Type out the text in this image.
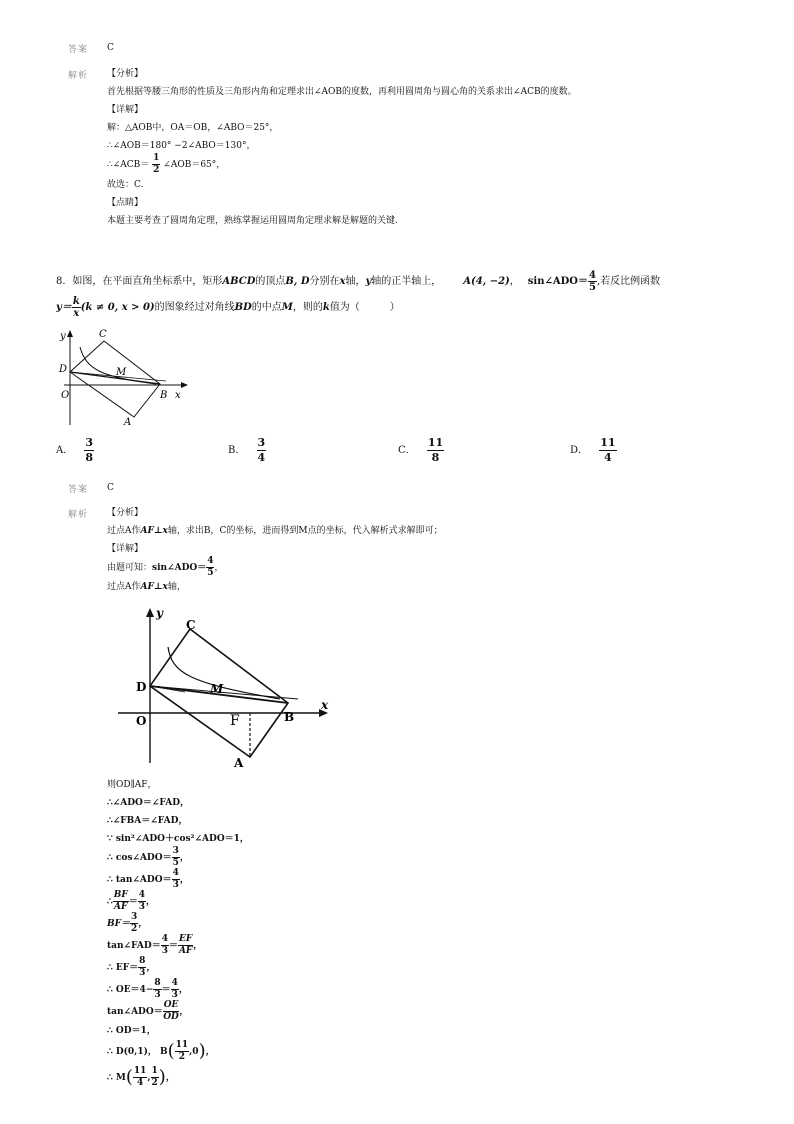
答案 C
解析 【分析】
首先根据等腰三角形的性质及三角形内角和定理求出∠AOB的度数，再利用圆周角与圆心角的关系求出∠ACB的度数。
【详解】
解：△AOB中，OA＝OB，∠ABO＝25°，
∴∠AOB＝180° −2∠ABO＝130°，
∴∠ACB＝ $\frac{1}{2}$ ∠AOB＝65°，
故选：C.
【点睛】
本题主要考查了圆周角定理，熟练掌握运用圆周角定理求解是解题的关键.
8．如图，在平面直角坐标系中，矩形ABCD的顶点B, D分别在x轴，y轴的正半轴上， A(4, −2)， sin∠ADO＝ $\frac{4}{5}$ ,若反比例函数
$y= \frac{k}{x} (k \ne 0$, x > 0)的图象经过对角线BD的中点M，则的k值为（　　　）
y
x
C
D
O	B
A
M
A． $\frac{3}{8}$	B． $\frac{3}{4}$	C． $\frac{11}{8}$	D． $\frac{11}{4}$
答案 C
解析 【分析】
过点A作AF⊥x轴，求出B，C的坐标，进而得到M点的坐标，代入解析式求解即可；
【详解】
由题可知：sin∠ADO＝ $\frac{4}{5}$ ，
过点A作AF⊥x轴，
y
x
C
D
O	B
A
M
F
则OD∥AF，
∴∠ADO＝∠FAD，
∴∠FBA＝∠FAD，
∵ sin²∠ADO＋cos²∠ADO＝1，
∴ cos∠ADO＝ $\frac{3}{5}$ ，
∴ tan∠ADO＝ $\frac{4}{3}$ ，
∴ $\frac{BF}{AF} = \frac{4}{3}$ ，
$BF= \frac{3}{2}$ ，
tan∠FAD＝ $\frac{4}{3} = \frac{EF}{AF}$ ，
∴ $EF= \frac{8}{3}$ ，
∴ $OE=4- \frac{8}{3} = \frac{4}{3}$ ，
tan∠ADO＝ $\frac{OE}{OD}$ ，
∴ OD＝1，
∴ D(0,1)， $B( \frac{11}{2} ,0)$，
∴ $M( \frac{11}{4}$ , $\frac{1}{2}$ )，
